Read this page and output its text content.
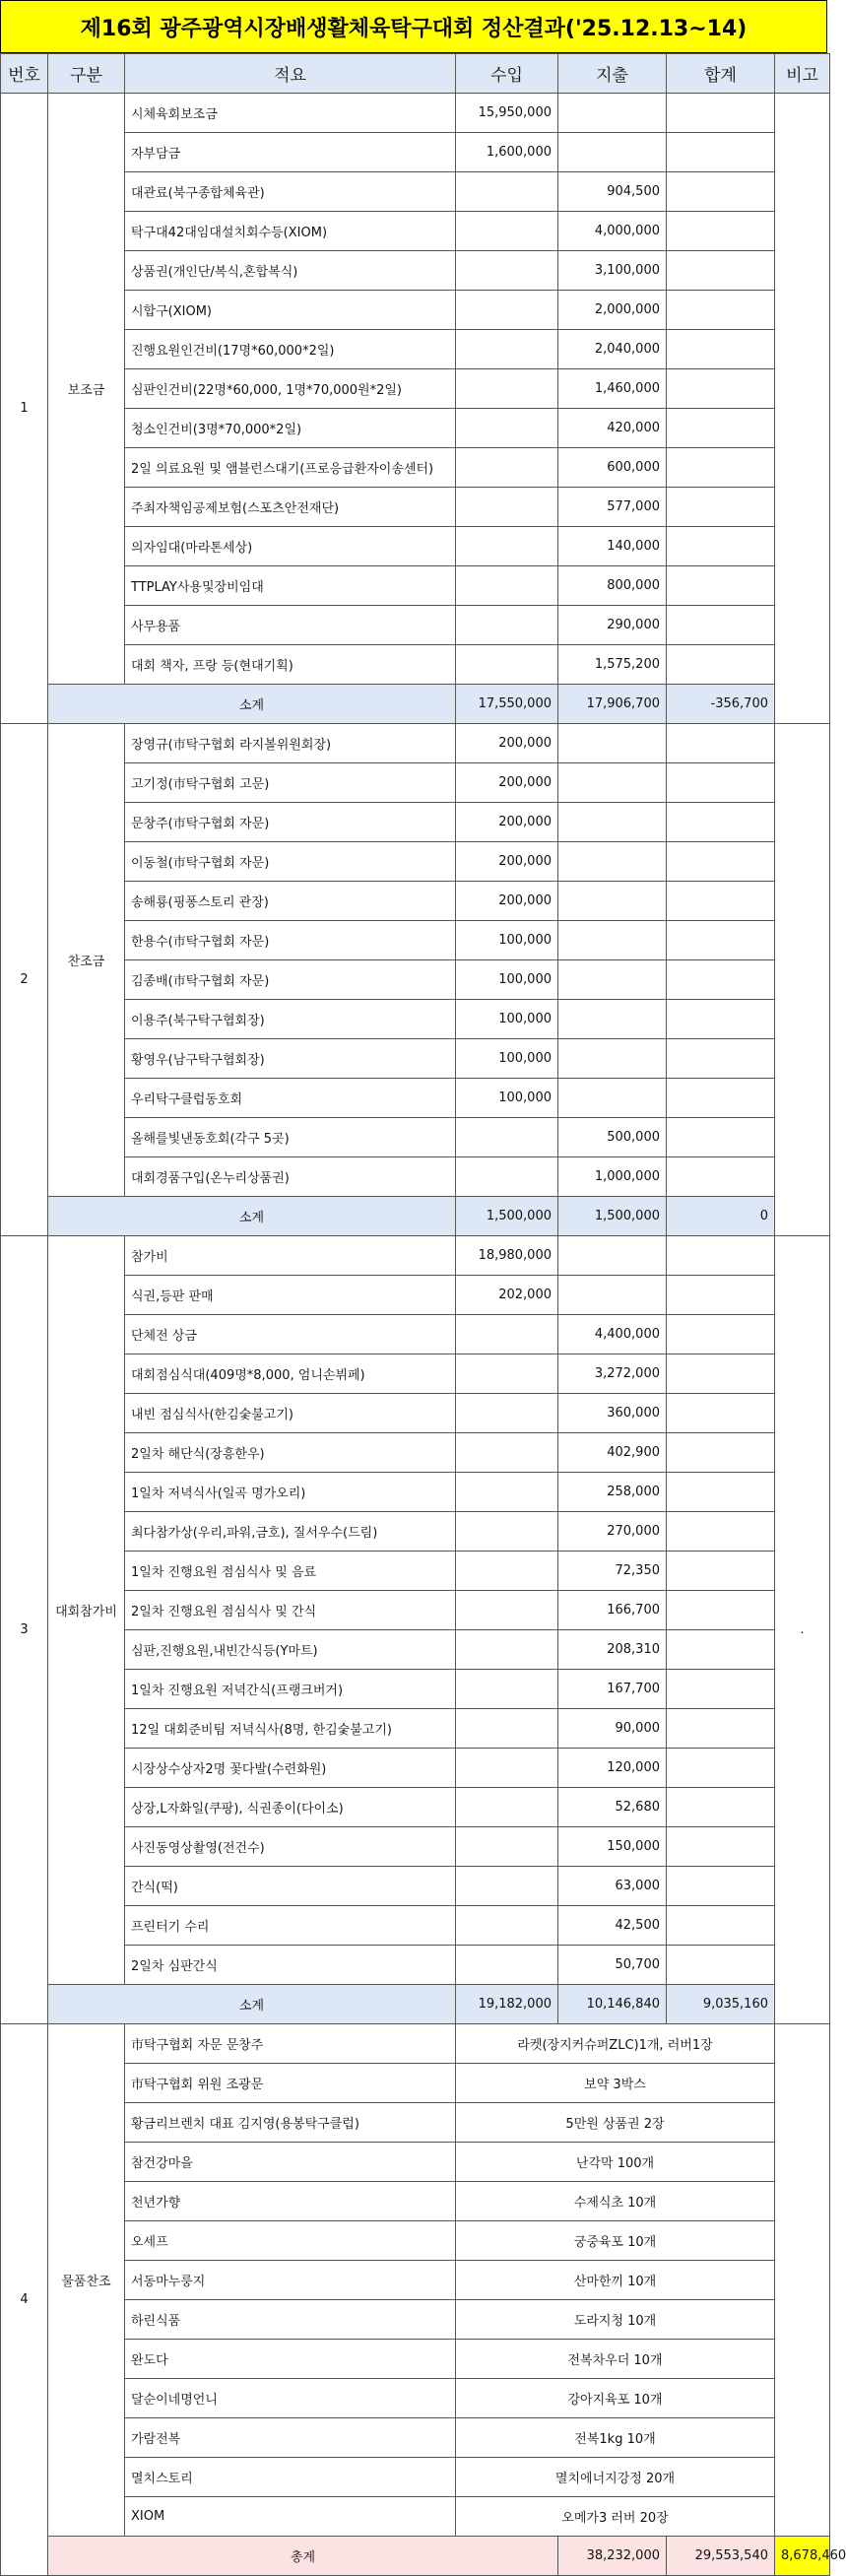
제16회 광주광역시장배생활체육탁구대회 정산결과('25.12.13~14)
번호	구분	적요	수입	지출	합계	비고	
1	보조금	시체육회보조금	15,950,000				
		자부담금	1,600,000				
		대관료(북구종합체육관)		904,500			
		탁구대42대임대설치회수등(XIOM)		4,000,000			
		상품권(개인단/복식,혼합복식)		3,100,000			
		시합구(XIOM)		2,000,000			
		진행요원인건비(17명*60,000*2일)		2,040,000			
		심판인건비(22명*60,000, 1명*70,000원*2일)		1,460,000			
		청소인건비(3명*70,000*2일)		420,000			
		2일 의료요원 및 앰블런스대기(프로응급환자이송센터)		600,000			
		주최자책임공제보험(스포츠안전재단)		577,000			
		의자임대(마라톤세상)		140,000			
		TTPLAY사용및장비임대		800,000			
		사무용품		290,000			
		대회 책자, 프랑 등(현대기획)		1,575,200			
	소계		17,550,000	17,906,700	-356,700		
2	찬조금	장영규(市탁구협회 라지볼위원회장)	200,000				
		고기정(市탁구협회 고문)	200,000				
		문창주(市탁구협회 자문)	200,000				
		이동철(市탁구협회 자문)	200,000				
		송해룡(핑퐁스토리 관장)	200,000				
		한용수(市탁구협회 자문)	100,000				
		김종배(市탁구협회 자문)	100,000				
		이용주(북구탁구협회장)	100,000				
		황영우(남구탁구협회장)	100,000				
		우리탁구클럽동호회	100,000				
		올해를빛낸동호회(각구 5곳)		500,000			
		대회경품구입(온누리상품권)		1,000,000			
	소계		1,500,000	1,500,000	0		
3	대회참가비	참가비	18,980,000			.	
		식권,등판 판매	202,000				
		단체전 상금		4,400,000			
		대회점심식대(409명*8,000, 엄니손뷔페)		3,272,000			
		내빈 점심식사(한김숯불고기)		360,000			
		2일차 해단식(장흥한우)		402,900			
		1일차 저녁식사(일곡 명가오리)		258,000			
		최다참가상(우리,파워,금호), 질서우수(드림)		270,000			
		1일차 진행요원 점심식사 및 음료		72,350			
		2일차 진행요원 점심식사 및 간식		166,700			
		심판,진행요원,내빈간식등(Y마트)		208,310			
		1일차 진행요원 저녁간식(프랭크버거)		167,700			
		12일 대회준비팀 저녁식사(8명, 한김숯불고기)		90,000			
		시장상수상자2명 꽃다발(수련화원)		120,000			
		상장,L자화일(쿠팡), 식권종이(다이소)		52,680			
		사진동영상촬영(전건수)		150,000			
		간식(떡)		63,000			
		프린터기 수리		42,500			
		2일차 심판간식		50,700			
	소계		19,182,000	10,146,840	9,035,160		
4	물품찬조	市탁구협회 자문 문창주	라켓(장지커슈퍼ZLC)1개, 러버1장				
		市탁구협회 위원 조광문	보약 3박스				
		황금리브렌치 대표 김지영(용봉탁구클럽)	5만원 상품권 2장				
		참건강마을	난각막 100개				
		천년가향	수제식초 10개				
		오세프	궁중육포 10개				
		서동마누룽지	산마한끼 10개				
		하린식품	도라지청 10개				
		완도다	전복차우더 10개				
		달순이네명언니	강아지육포 10개				
		가람전복	전복1kg 10개				
		멸치스토리	멸치에너지강정 20개				
		XIOM	오메가3 러버 20장				
	총계			38,232,000	29,553,540	8,678,460	
